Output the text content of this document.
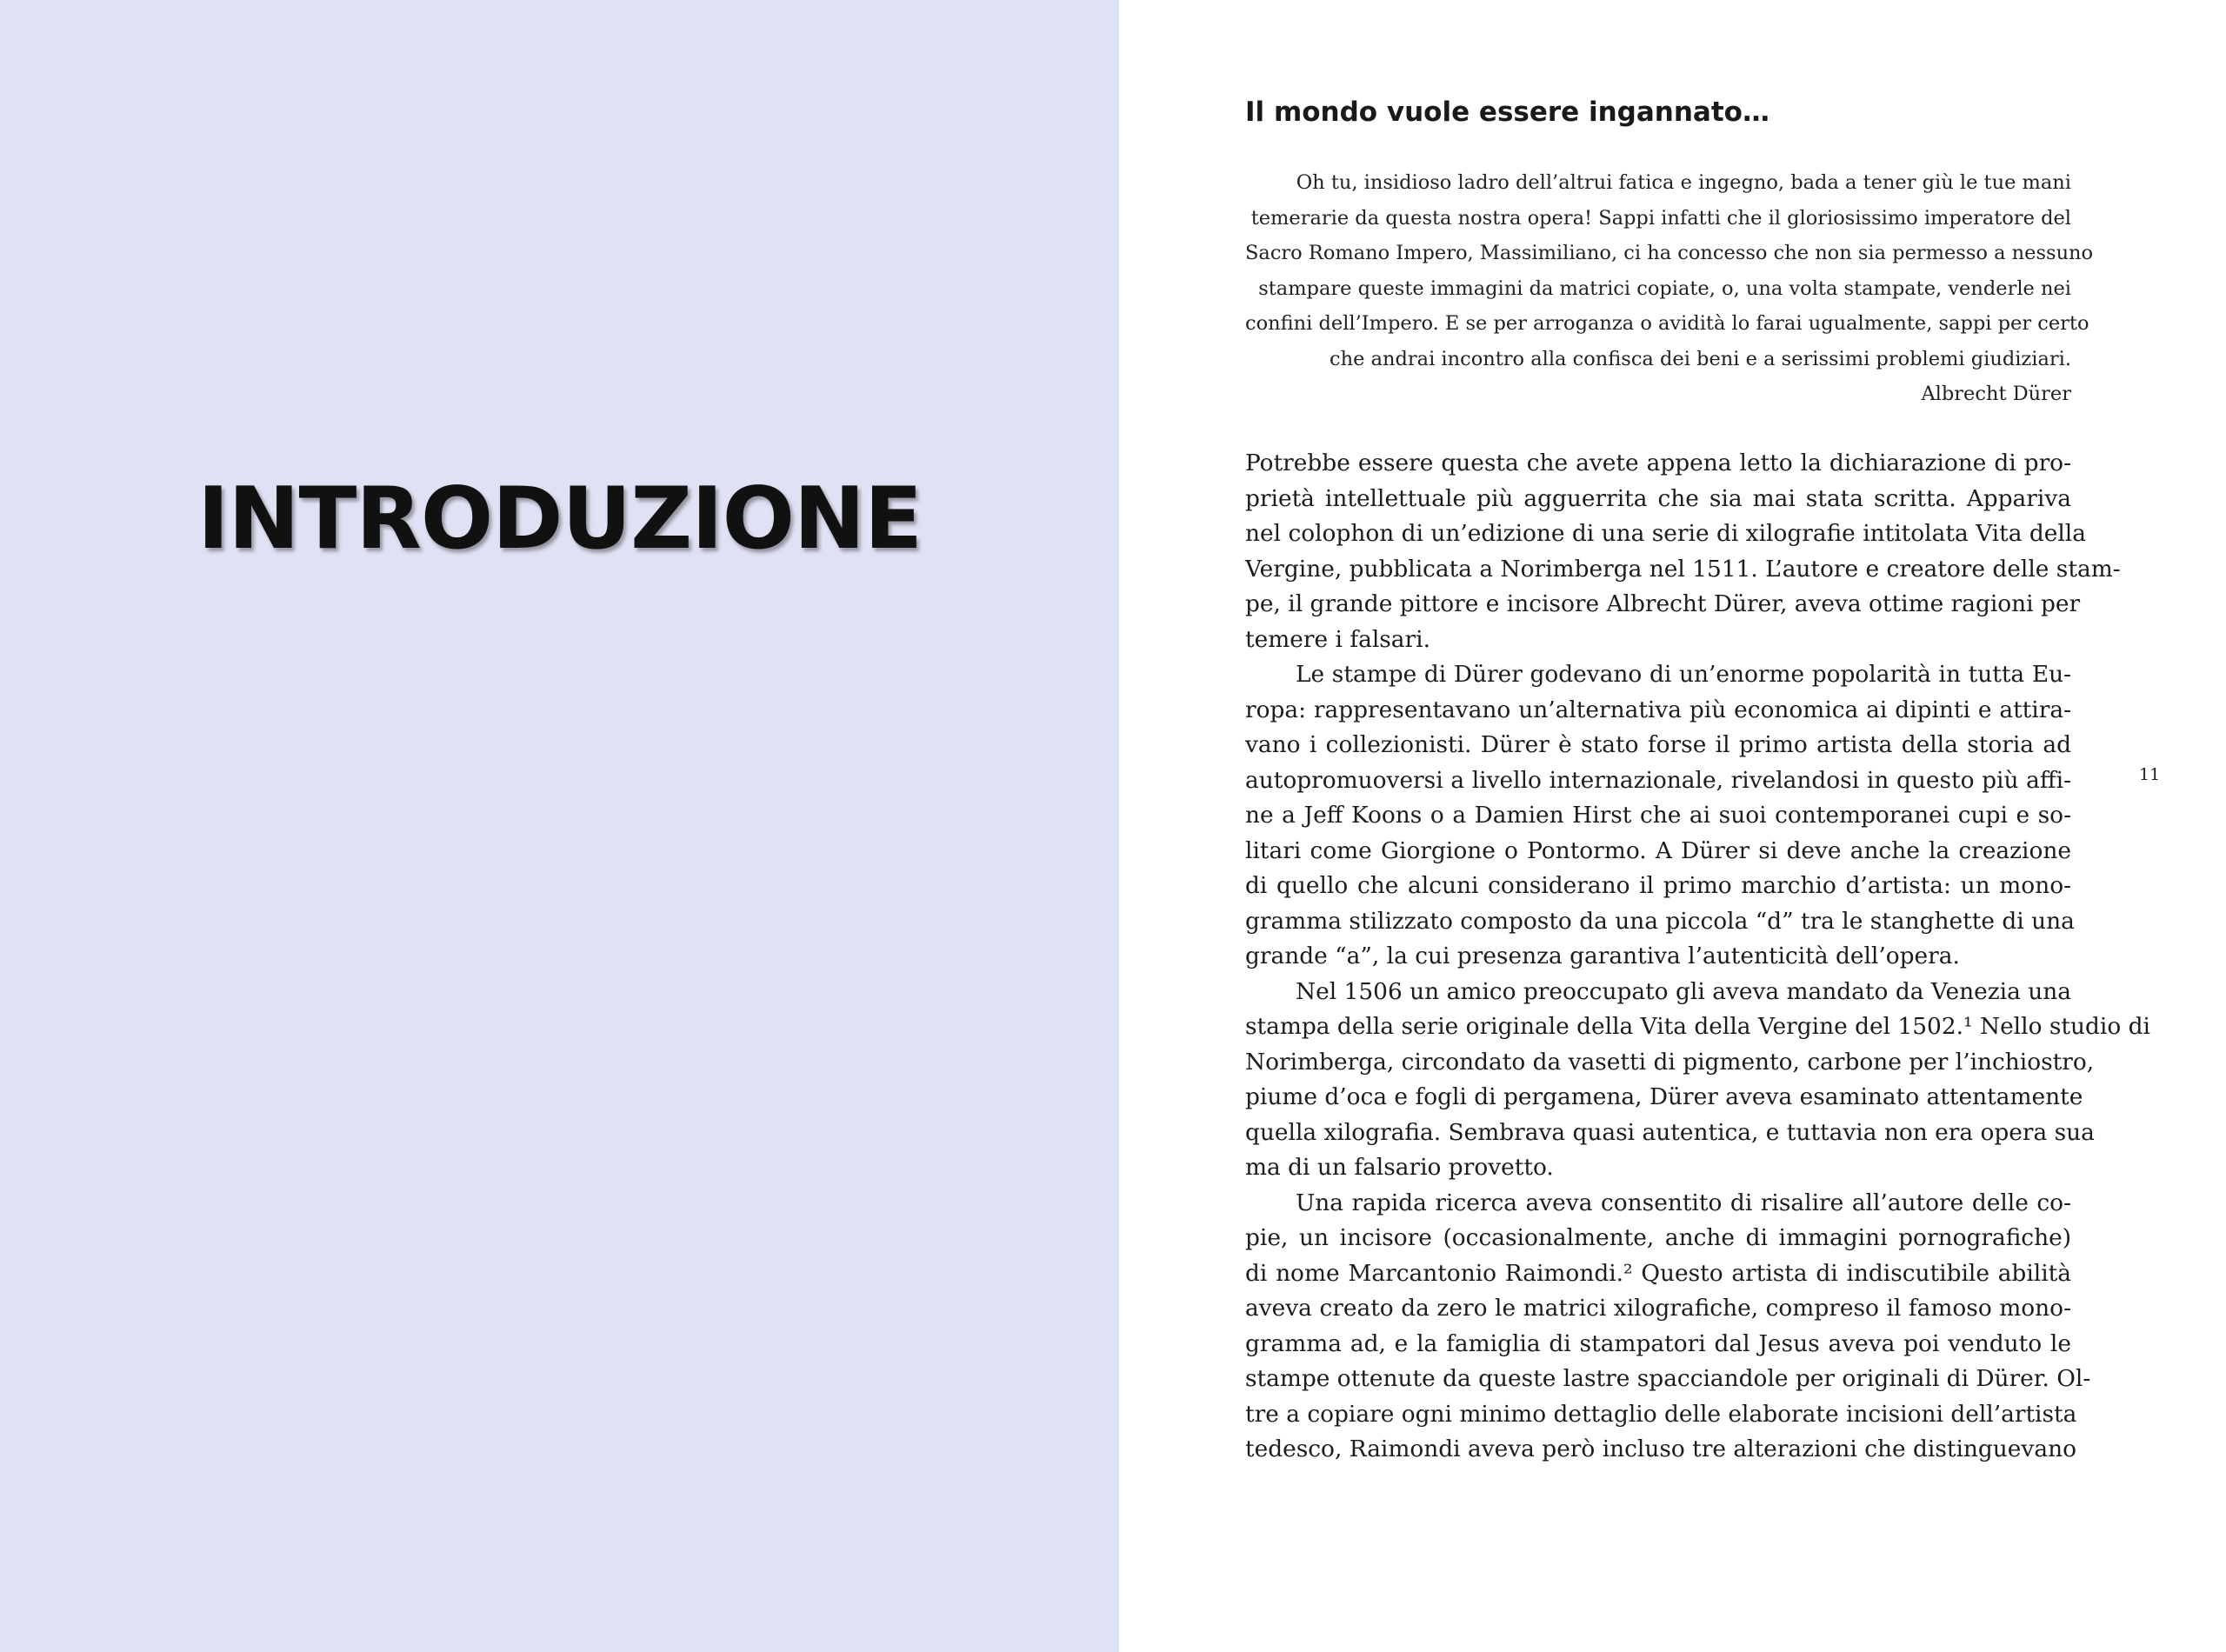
INTRODUZIONE
Il mondo vuole essere ingannato…
Oh tu, insidioso ladro dell’altrui fatica e ingegno, bada a tener giù le tue mani
temerarie da questa nostra opera! Sappi infatti che il gloriosissimo imperatore del
Sacro Romano Impero, Massimiliano, ci ha concesso che non sia permesso a nessuno
stampare queste immagini da matrici copiate, o, una volta stampate, venderle nei
confini dell’Impero. E se per arroganza o avidità lo farai ugualmente, sappi per certo
che andrai incontro alla confisca dei beni e a serissimi problemi giudiziari.
Albrecht Dürer
Potrebbe essere questa che avete appena letto la dichiarazione di pro-
prietà intellettuale più agguerrita che sia mai stata scritta. Appariva
nel colophon di un’edizione di una serie di xilografie intitolata Vita della
Vergine, pubblicata a Norimberga nel 1511. L’autore e creatore delle stam-
pe, il grande pittore e incisore Albrecht Dürer, aveva ottime ragioni per
temere i falsari.
Le stampe di Dürer godevano di un’enorme popolarità in tutta Eu-
ropa: rappresentavano un’alternativa più economica ai dipinti e attira-
vano i collezionisti. Dürer è stato forse il primo artista della storia ad
autopromuoversi a livello internazionale, rivelandosi in questo più affi-
ne a Jeff Koons o a Damien Hirst che ai suoi contemporanei cupi e so-
litari come Giorgione o Pontormo. A Dürer si deve anche la creazione
di quello che alcuni considerano il primo marchio d’artista: un mono-
gramma stilizzato composto da una piccola “d” tra le stanghette di una
grande “a”, la cui presenza garantiva l’autenticità dell’opera.
Nel 1506 un amico preoccupato gli aveva mandato da Venezia una
stampa della serie originale della Vita della Vergine del 1502.¹ Nello studio di
Norimberga, circondato da vasetti di pigmento, carbone per l’inchiostro,
piume d’oca e fogli di pergamena, Dürer aveva esaminato attentamente
quella xilografia. Sembrava quasi autentica, e tuttavia non era opera sua
ma di un falsario provetto.
Una rapida ricerca aveva consentito di risalire all’autore delle co-
pie, un incisore (occasionalmente, anche di immagini pornografiche)
di nome Marcantonio Raimondi.² Questo artista di indiscutibile abilità
aveva creato da zero le matrici xilografiche, compreso il famoso mono-
gramma ad, e la famiglia di stampatori dal Jesus aveva poi venduto le
stampe ottenute da queste lastre spacciandole per originali di Dürer. Ol-
tre a copiare ogni minimo dettaglio delle elaborate incisioni dell’artista
tedesco, Raimondi aveva però incluso tre alterazioni che distinguevano
11
